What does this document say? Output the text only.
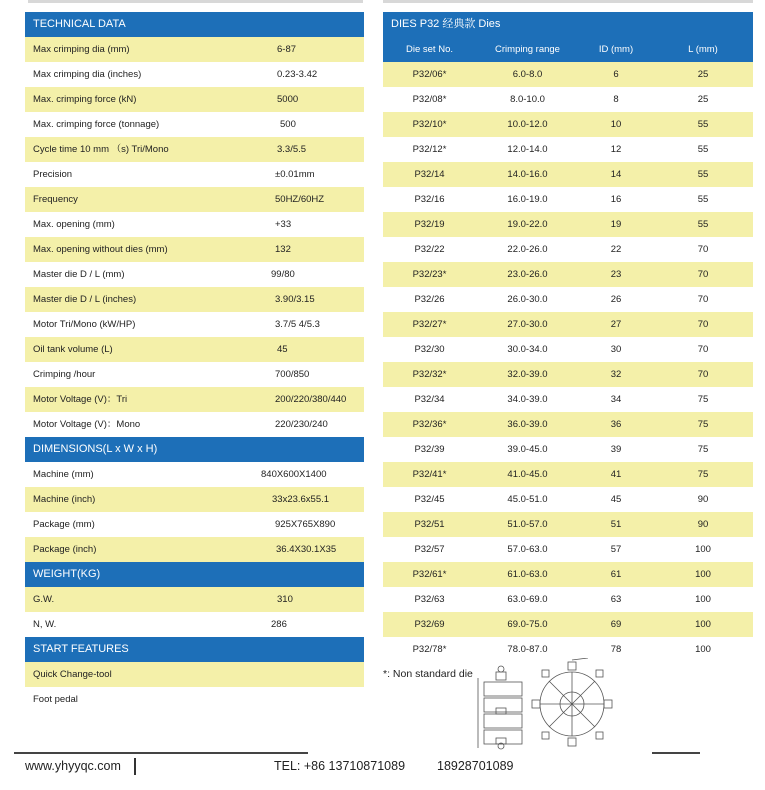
TECHNICAL DATA
Max crimping dia (mm)	6-87
Max crimping dia (inches)	0.23-3.42
Max. crimping force (kN)	5000
Max. crimping force (tonnage)	500
Cycle time 10 mm （s) Tri/Mono	3.3/5.5
Precision	±0.01mm
Frequency	50HZ/60HZ
Max. opening (mm)	+33
Max. opening without dies (mm)	132
Master die D / L (mm)	99/80
Master die D / L (inches)	3.90/3.15
Motor Tri/Mono (kW/HP)	3.7/5 4/5.3
Oil tank volume (L)	45
Crimping /hour	700/850
Motor Voltage (V)：Tri	200/220/380/440
Motor Voltage (V)：Mono	220/230/240
DIMENSIONS(L x W x H)
Machine (mm)	840X600X1400
Machine (inch)	33x23.6x55.1
Package (mm)	925X765X890
Package (inch)	36.4X30.1X35
WEIGHT(KG)
G.W.	310
N, W.	286
START FEATURES
Quick Change-tool
Foot pedal
DIES P32 经典款 Dies
Die set No.	Crimping range	ID (mm)	L (mm)
P32/06*	6.0-8.0	6	25
P32/08*	8.0-10.0	8	25
P32/10*	10.0-12.0	10	55
P32/12*	12.0-14.0	12	55
P32/14	14.0-16.0	14	55
P32/16	16.0-19.0	16	55
P32/19	19.0-22.0	19	55
P32/22	22.0-26.0	22	70
P32/23*	23.0-26.0	23	70
P32/26	26.0-30.0	26	70
P32/27*	27.0-30.0	27	70
P32/30	30.0-34.0	30	70
P32/32*	32.0-39.0	32	70
P32/34	34.0-39.0	34	75
P32/36*	36.0-39.0	36	75
P32/39	39.0-45.0	39	75
P32/41*	41.0-45.0	41	75
P32/45	45.0-51.0	45	90
P32/51	51.0-57.0	51	90
P32/57	57.0-63.0	57	100
P32/61*	61.0-63.0	61	100
P32/63	63.0-69.0	63	100
P32/69	69.0-75.0	69	100
P32/78*	78.0-87.0	78	100
*: Non standard die
www.yhyyqc.com	TEL: +86 13710871089	18928701089
